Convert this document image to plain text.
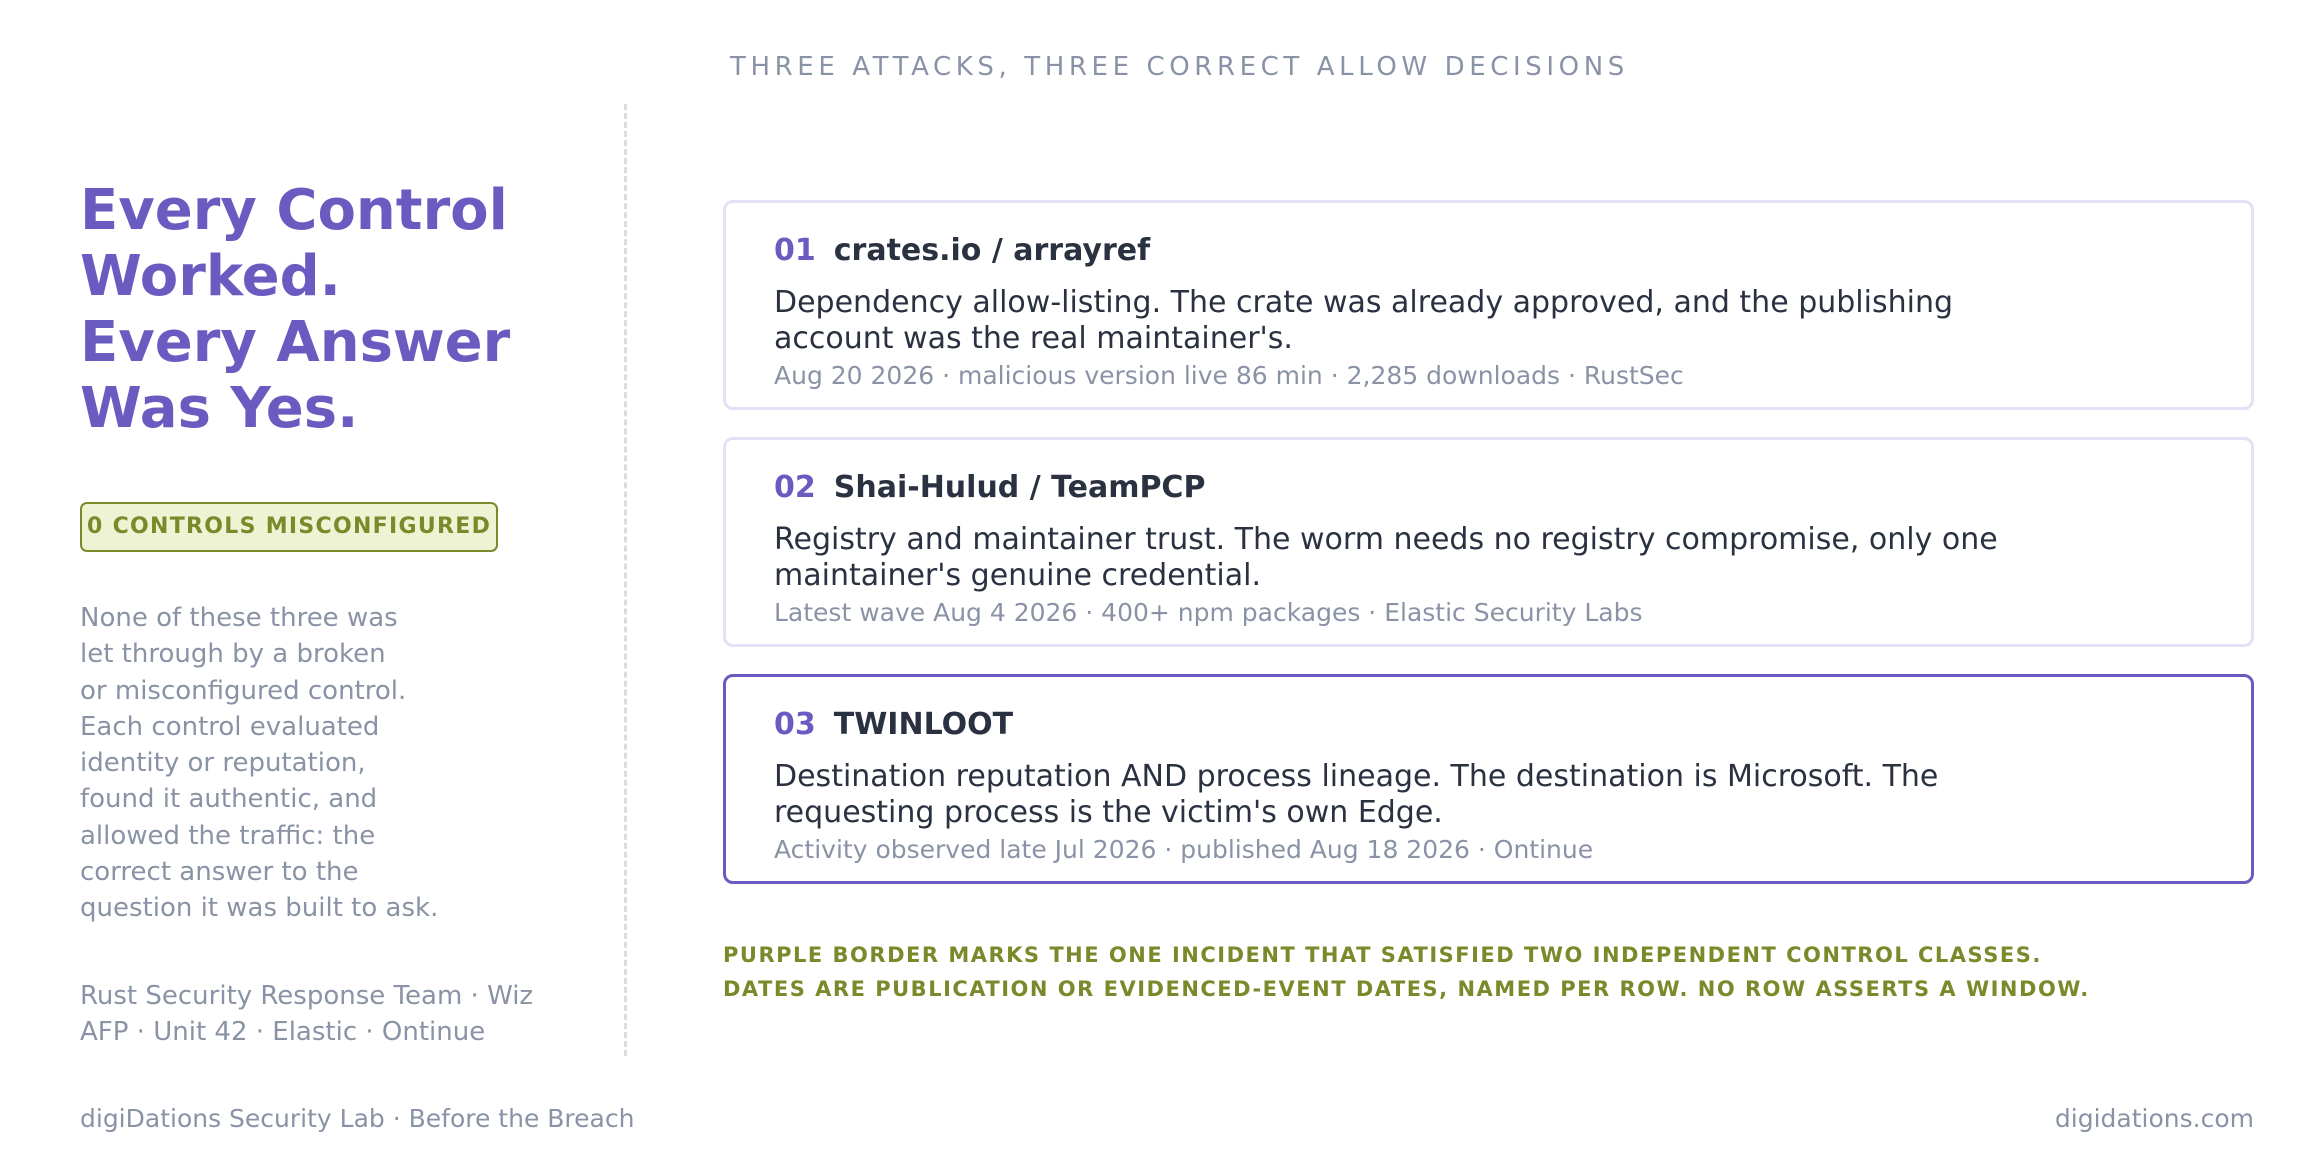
THREE ATTACKS, THREE CORRECT ALLOW DECISIONS
Every Control
Worked.
Every Answer
Was Yes.
0 CONTROLS MISCONFIGURED
None of these three was
let through by a broken
or misconfigured control.
Each control evaluated
identity or reputation,
found it authentic, and
allowed the traffic: the
correct answer to the
question it was built to ask.
Rust Security Response Team · Wiz
AFP · Unit 42 · Elastic · Ontinue
01 crates.io / arrayref
Dependency allow-listing. The crate was already approved, and the publishing
account was the real maintainer's.
Aug 20 2026 · malicious version live 86 min · 2,285 downloads · RustSec
02 Shai-Hulud / TeamPCP
Registry and maintainer trust. The worm needs no registry compromise, only one
maintainer's genuine credential.
Latest wave Aug 4 2026 · 400+ npm packages · Elastic Security Labs
03 TWINLOOT
Destination reputation AND process lineage. The destination is Microsoft. The
requesting process is the victim's own Edge.
Activity observed late Jul 2026 · published Aug 18 2026 · Ontinue
PURPLE BORDER MARKS THE ONE INCIDENT THAT SATISFIED TWO INDEPENDENT CONTROL CLASSES.
DATES ARE PUBLICATION OR EVIDENCED-EVENT DATES, NAMED PER ROW. NO ROW ASSERTS A WINDOW.
digiDations Security Lab · Before the Breach	digidations.com
